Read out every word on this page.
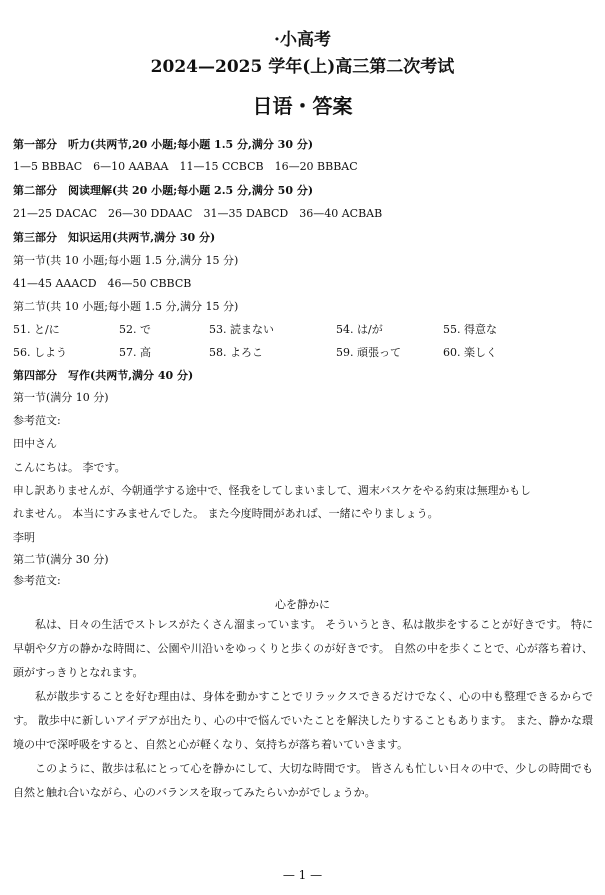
·小高考
2024—2025 学年(上)高三第二次考试
日语・答案
第一部分　听力(共两节,20 小题;每小题 1.5 分,满分 30 分)
1—5 BBBAC　6—10 AABAA　11—15 CCBCB　16—20 BBBAC
第二部分　阅读理解(共 20 小题;每小题 2.5 分,满分 50 分)
21—25 DACAC　26—30 DDAAC　31—35 DABCD　36—40 ACBAB
第三部分　知识运用(共两节,满分 30 分)
第一节(共 10 小题;每小题 1.5 分,满分 15 分)
41—45 AAACD　46—50 CBBCB
第二节(共 10 小题;每小题 1.5 分,满分 15 分)
51. と/に	52. で	53. 読まない	54. は/が	55. 得意な
56. しよう	57. 高	58. よろこ	59. 頑張って	60. 楽しく
第四部分　写作(共两节,满分 40 分)
第一节(满分 10 分)
参考范文:
田中さん
こんにちは。 李です。
申し訳ありませんが、今朝通学する途中で、怪我をしてしまいまして、週末バスケをやる約束は無理かもし
れません。 本当にすみませんでした。 また今度時間があれば、一緒にやりましょう。
李明
第二节(满分 30 分)
参考范文:
心を静かに
私は、日々の生活でストレスがたくさん溜まっています。 そういうとき、私は散歩をすることが好きです。 特に早朝や夕方の静かな時間に、公園や川沿いをゆっくりと歩くのが好きです。 自然の中を歩くことで、心が落ち着け、頭がすっきりとなれます。
私が散歩することを好む理由は、身体を動かすことでリラックスできるだけでなく、心の中も整理できるからです。 散歩中に新しいアイデアが出たり、心の中で悩んでいたことを解決したりすることもあります。 また、静かな環境の中で深呼吸をすると、自然と心が軽くなり、気持ちが落ち着いていきます。
このように、散歩は私にとって心を静かにして、大切な時間です。 皆さんも忙しい日々の中で、少しの時間でも自然と触れ合いながら、心のバランスを取ってみたらいかがでしょうか。
— 1 —
